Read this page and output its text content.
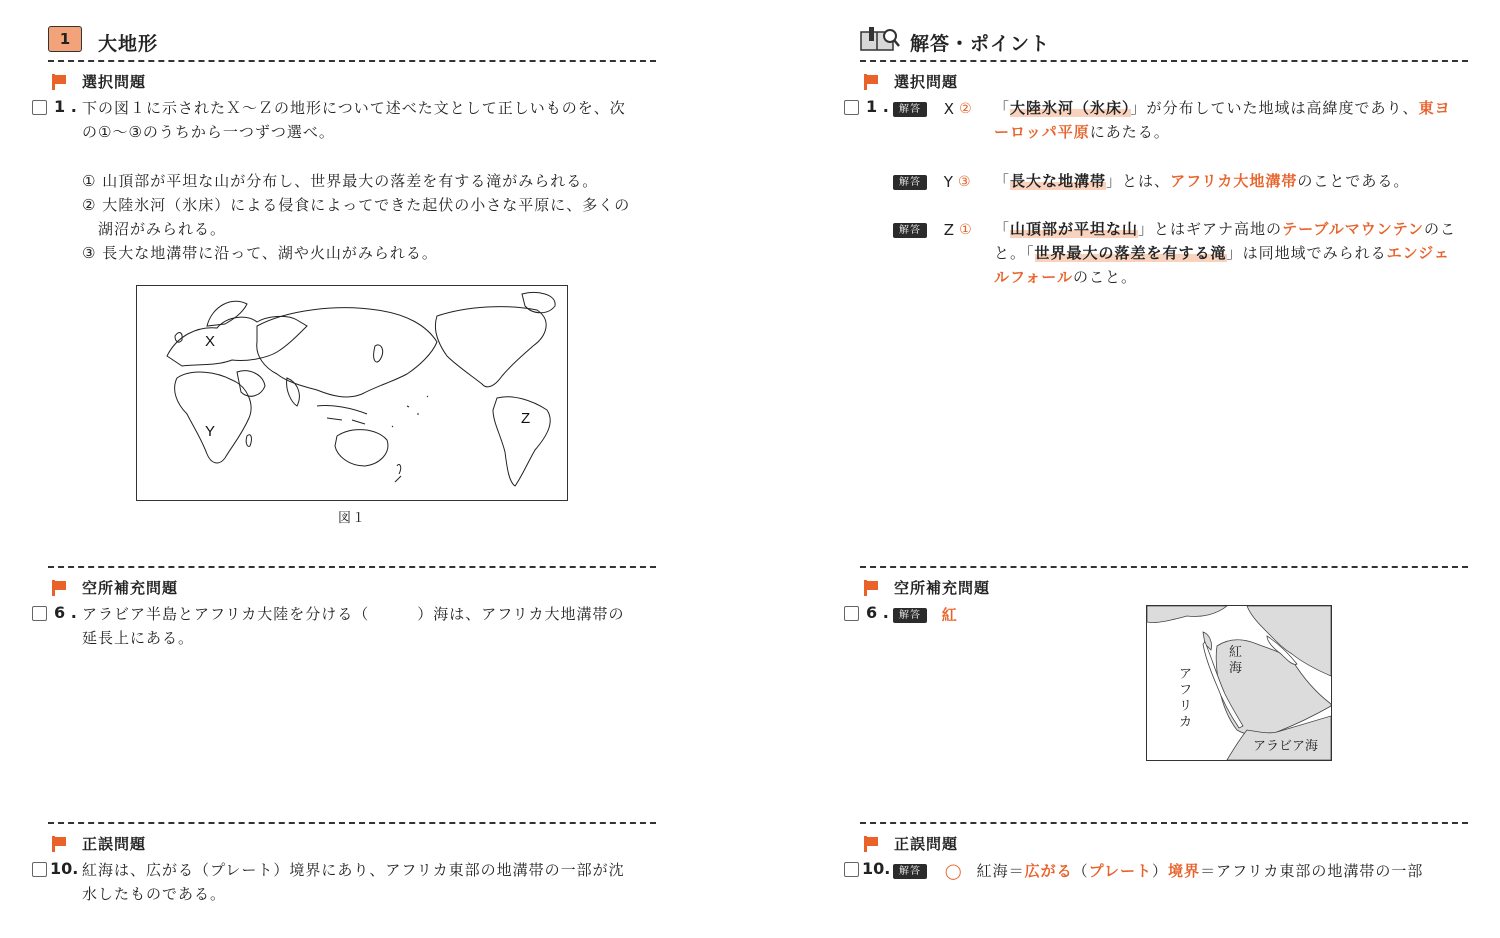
1 大地形
選択問題
1 . 下の図１に示されたＸ～Ｚの地形について述べた文として正しいものを、次
の①～③のうちから一つずつ選べ。
① 山頂部が平坦な山が分布し、世界最大の落差を有する滝がみられる。
② 大陸氷河（氷床）による侵食によってできた起伏の小さな平原に、多くの
湖沼がみられる。
③ 長大な地溝帯に沿って、湖や火山がみられる。
X
Y
Z
図１
空所補充問題
6 . アラビア半島とアフリカ大陸を分ける（　　　）海は、アフリカ大地溝帯の
延長上にある。
正誤問題
10. 紅海は、広がる（プレート）境界にあり、アフリカ東部の地溝帯の一部が沈
水したものである。
解答・ポイント
選択問題
1 .	解答 X ② 「大陸氷河（氷床）」が分布していた地域は高緯度であり、東ヨ
ーロッパ平原にあたる。
解答 Y ③ 「長大な地溝帯」とは、アフリカ大地溝帯のことである。
解答 Z ① 「山頂部が平坦な山」とはギアナ高地のテーブルマウンテンのこ
と。「世界最大の落差を有する滝」は同地域でみられるエンジェ
ルフォールのこと。
空所補充問題
6 .	解答 紅
紅
海
ア
フ
リ
カ
アラビア海
正誤問題
10. 解答 ◯ 紅海＝広がる（プレート）境界＝アフリカ東部の地溝帯の一部
